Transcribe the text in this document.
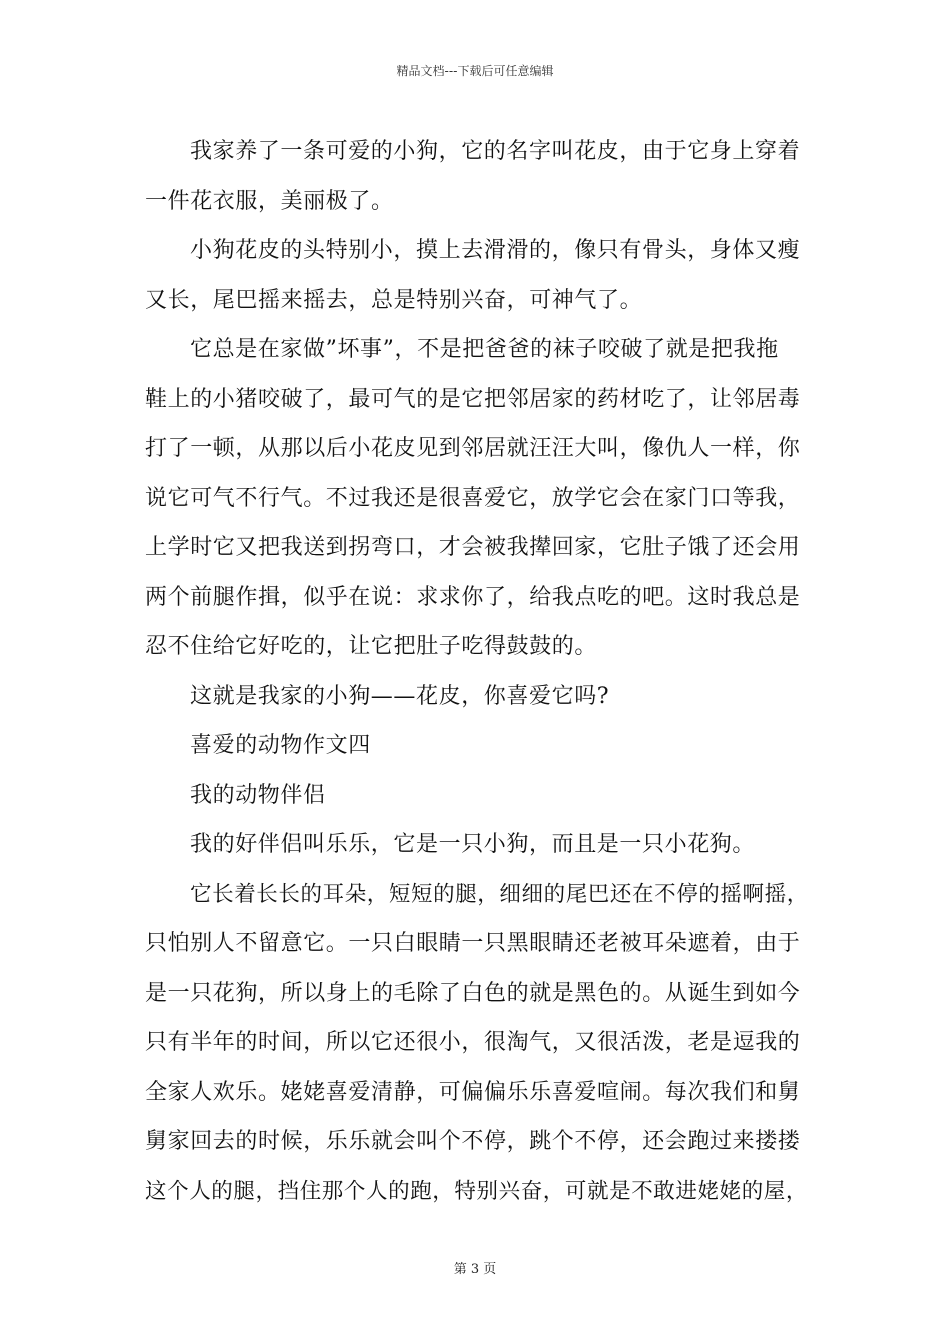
精品文档---下载后可任意编辑
我家养了一条可爱的小狗，它的名字叫花皮，由于它身上穿着
一件花衣服，美丽极了。
小狗花皮的头特别小，摸上去滑滑的，像只有骨头，身体又瘦
又长，尾巴摇来摇去，总是特别兴奋，可神气了。
它总是在家做”坏事”，不是把爸爸的袜子咬破了就是把我拖
鞋上的小猪咬破了，最可气的是它把邻居家的药材吃了，让邻居毒
打了一顿，从那以后小花皮见到邻居就汪汪大叫，像仇人一样，你
说它可气不行气。不过我还是很喜爱它，放学它会在家门口等我，
上学时它又把我送到拐弯口，才会被我撵回家，它肚子饿了还会用
两个前腿作揖，似乎在说：求求你了，给我点吃的吧。这时我总是
忍不住给它好吃的，让它把肚子吃得鼓鼓的。
这就是我家的小狗——花皮，你喜爱它吗?
喜爱的动物作文四
我的动物伴侣
我的好伴侣叫乐乐，它是一只小狗，而且是一只小花狗。
它长着长长的耳朵，短短的腿，细细的尾巴还在不停的摇啊摇，
只怕别人不留意它。一只白眼睛一只黑眼睛还老被耳朵遮着，由于
是一只花狗，所以身上的毛除了白色的就是黑色的。从诞生到如今
只有半年的时间，所以它还很小，很淘气，又很活泼，老是逗我的
全家人欢乐。姥姥喜爱清静，可偏偏乐乐喜爱喧闹。每次我们和舅
舅家回去的时候，乐乐就会叫个不停，跳个不停，还会跑过来搂搂
这个人的腿，挡住那个人的跑，特别兴奋，可就是不敢进姥姥的屋，
第 3 页
